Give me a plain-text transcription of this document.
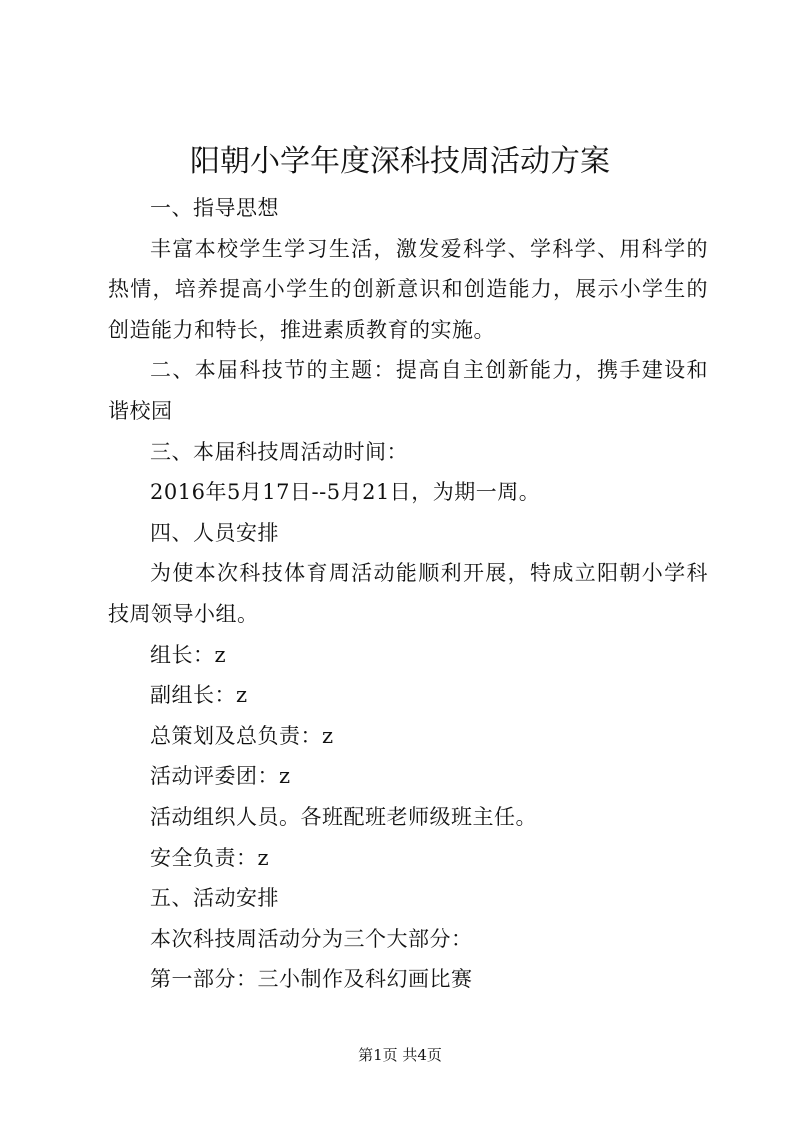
阳朝小学年度深科技周活动方案

一、指导思想

丰富本校学生学习生活，激发爱科学、学科学、用科学的热情，培养提高小学生的创新意识和创造能力，展示小学生的创造能力和特长，推进素质教育的实施。

二、本届科技节的主题：提高自主创新能力，携手建设和谐校园

三、本届科技周活动时间：

2016年5月17日--5月21日，为期一周。

四、人员安排

为使本次科技体育周活动能顺利开展，特成立阳朝小学科技周领导小组。

组长：z

副组长：z

总策划及总负责：z

活动评委团：z

活动组织人员。各班配班老师级班主任。

安全负责：z

五、活动安排

本次科技周活动分为三个大部分：

第一部分：三小制作及科幻画比赛

第1页 共4页
